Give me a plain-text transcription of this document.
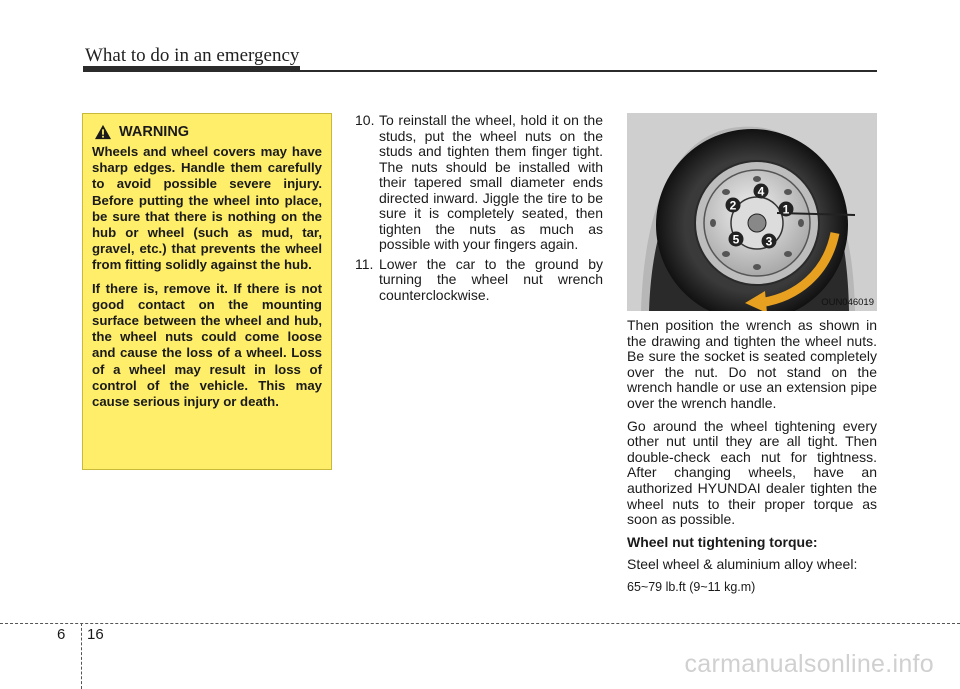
What to do in an emergency
WARNING

Wheels and wheel covers may have sharp edges. Handle them carefully to avoid possible severe injury. Before putting the wheel into place, be sure that there is nothing on the hub or wheel (such as mud, tar, gravel, etc.) that prevents the wheel from fitting solidly against the hub.

If there is, remove it. If there is not good contact on the mounting surface between the wheel and hub, the wheel nuts could come loose and cause the loss of a wheel. Loss of a wheel may result in loss of control of the vehicle. This may cause serious injury or death.

10. To reinstall the wheel, hold it on the studs, put the wheel nuts on the studs and tighten them finger tight. The nuts should be installed with their tapered small diameter ends directed inward. Jiggle the tire to be sure it is completely seated, then tighten the nuts as much as possible with your fingers again.
11. Lower the car to the ground by turning the wheel nut wrench counterclockwise.
4
1
2
5 3
OUN046019

Then position the wrench as shown in the drawing and tighten the wheel nuts. Be sure the socket is seated completely over the nut. Do not stand on the wrench handle or use an extension pipe over the wrench handle.

Go around the wheel tightening every other nut until they are all tight. Then double-check each nut for tightness. After changing wheels, have an authorized HYUNDAI dealer tighten the wheel nuts to their proper torque as soon as possible.

Wheel nut tightening torque:

Steel wheel & aluminium alloy wheel:

65~79 lb.ft (9~11 kg.m)

6 16
carmanualsonline.info
